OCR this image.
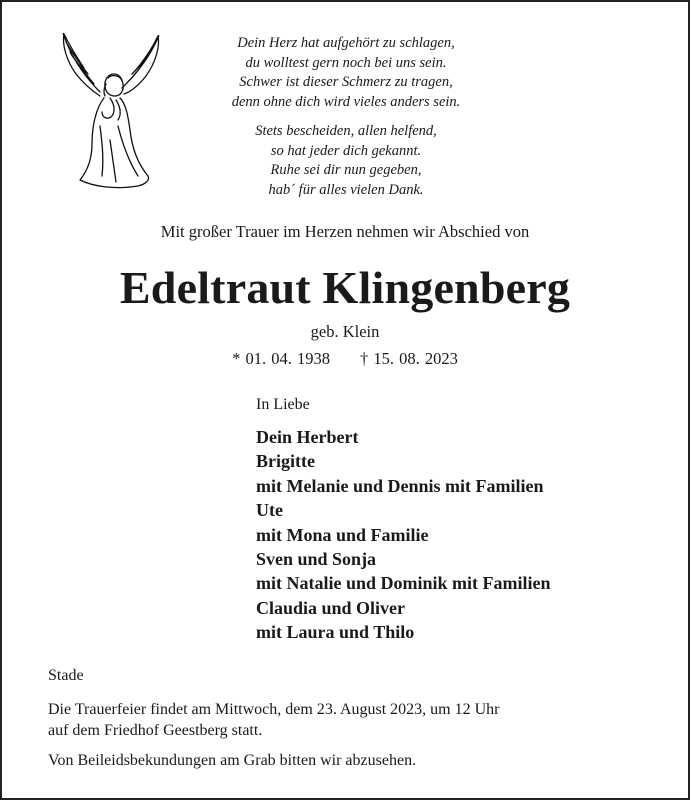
Dein Herz hat aufgehört zu schlagen,
du wolltest gern noch bei uns sein.
Schwer ist dieser Schmerz zu tragen,
denn ohne dich wird vieles anders sein.
Stets bescheiden, allen helfend,
so hat jeder dich gekannt.
Ruhe sei dir nun gegeben,
hab´ für alles vielen Dank.
Mit großer Trauer im Herzen nehmen wir Abschied von
Edeltraut Klingenberg
geb. Klein
* 01. 04. 1938 † 15. 08. 2023
In Liebe
Dein Herbert
Brigitte
mit Melanie und Dennis mit Familien
Ute
mit Mona und Familie
Sven und Sonja
mit Natalie und Dominik mit Familien
Claudia und Oliver
mit Laura und Thilo
Stade
Die Trauerfeier findet am Mittwoch, dem 23. August 2023, um 12 Uhr
auf dem Friedhof Geestberg statt.
Von Beileidsbekundungen am Grab bitten wir abzusehen.
